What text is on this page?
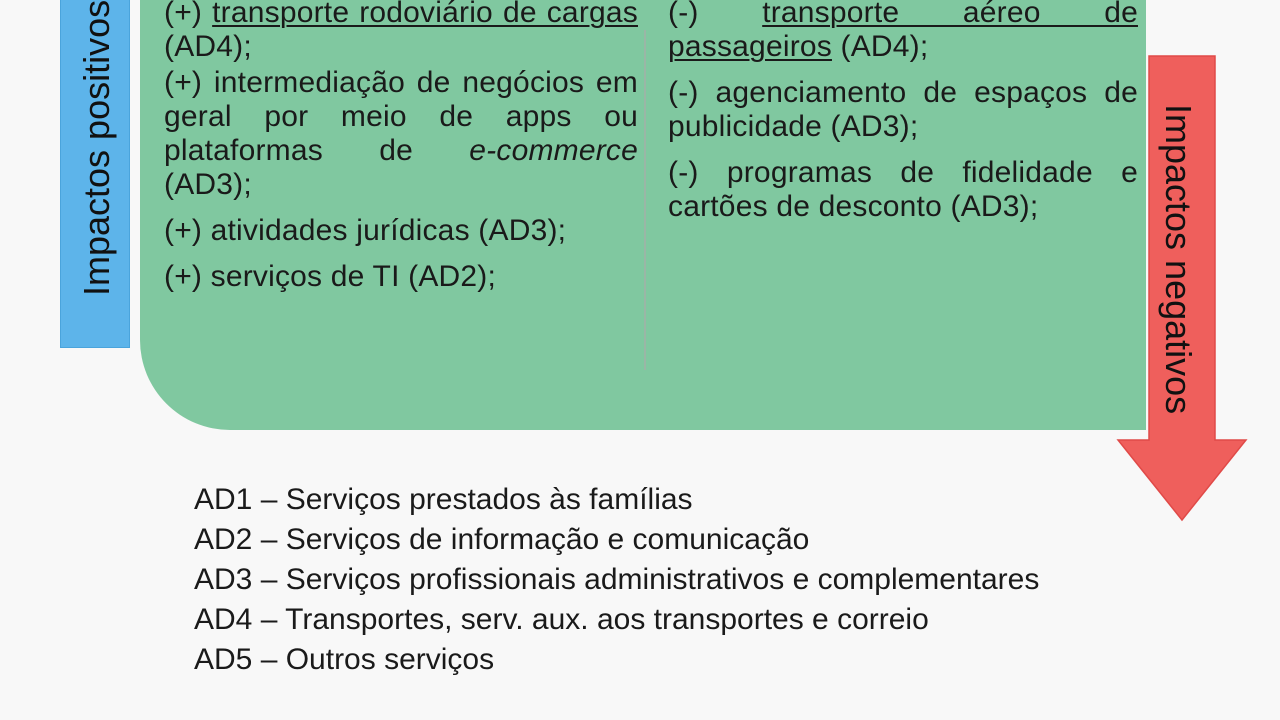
Impactos positivos	Impactos negativos

(+) transporte rodoviário de cargas (AD4);

(+) intermediação de negócios em geral por meio de apps ou plataformas de e-commerce (AD3);

(+) atividades jurídicas (AD3);

(+) serviços de TI (AD2);

(-) transporte aéreo de passageiros (AD4);

(-) agenciamento de espaços de publicidade (AD3);

(-) programas de fidelidade e cartões de desconto (AD3);

AD1 – Serviços prestados às famílias
AD2 – Serviços de informação e comunicação
AD3 – Serviços profissionais administrativos e complementares
AD4 – Transportes, serv. aux. aos transportes e correio
AD5 – Outros serviços
